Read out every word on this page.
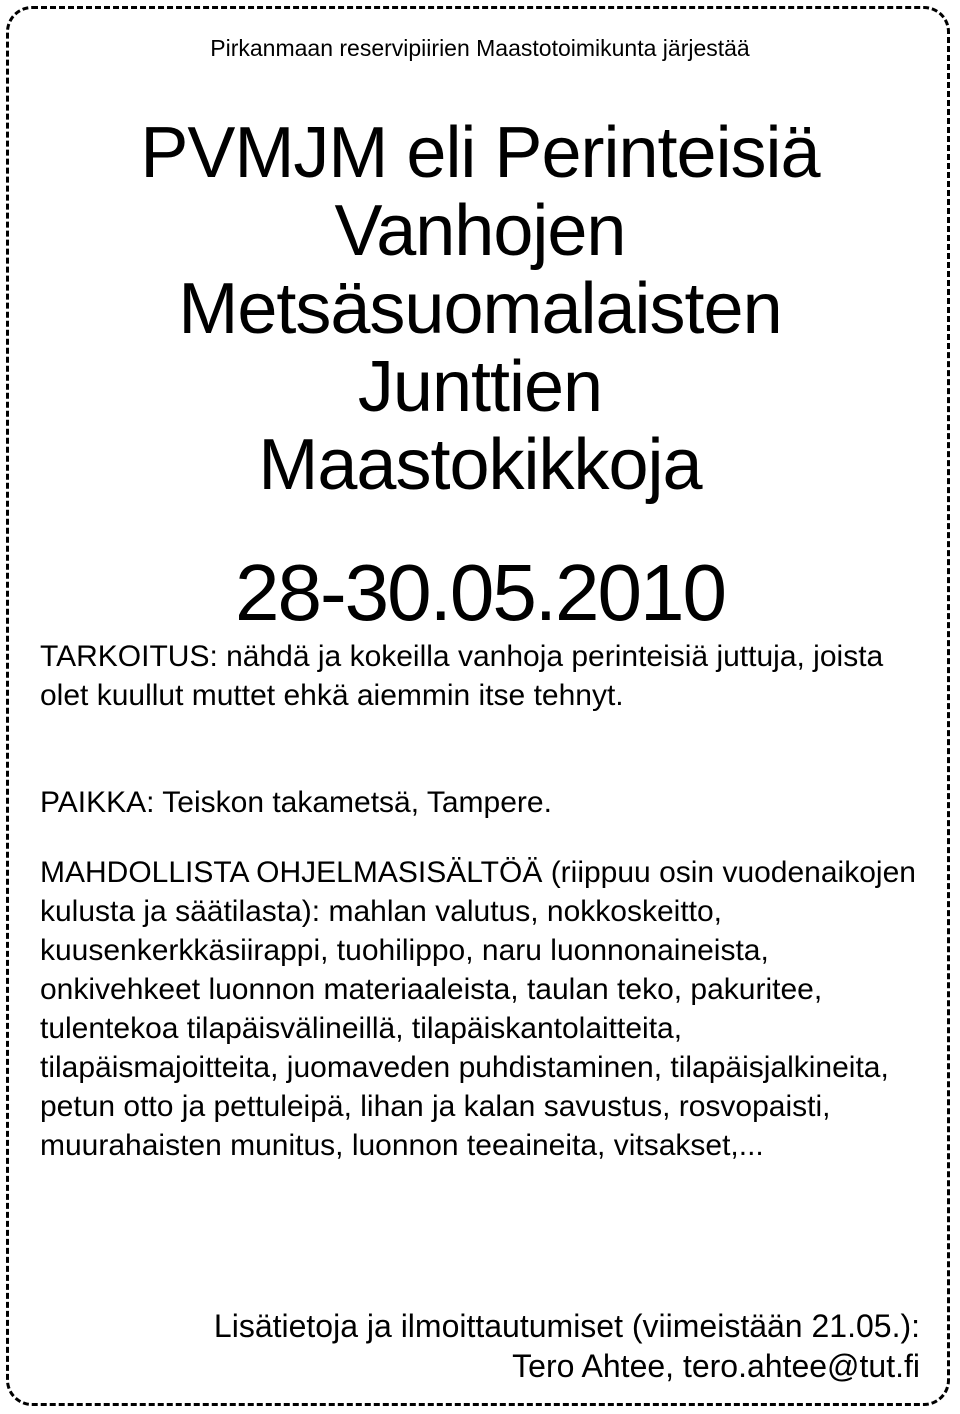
Pirkanmaan reservipiirien Maastotoimikunta järjestää
PVMJM eli Perinteisiä
Vanhojen
Metsäsuomalaisten
Junttien
Maastokikkoja
28-30.05.2010
TARKOITUS: nähdä ja kokeilla vanhoja perinteisiä juttuja, joista olet kuullut muttet ehkä aiemmin itse tehnyt.
PAIKKA: Teiskon takametsä, Tampere.
MAHDOLLISTA OHJELMASISÄLTÖÄ (riippuu osin vuodenaikojen kulusta ja säätilasta): mahlan valutus, nokkoskeitto, kuusenkerkkäsiirappi, tuohilippo, naru luonnonaineista, onkivehkeet luonnon materiaaleista, taulan teko, pakuritee, tulentekoa tilapäisvälineillä, tilapäiskantolaitteita, tilapäismajoitteita, juomaveden puhdistaminen, tilapäisjalkineita, petun otto ja pettuleipä, lihan ja kalan savustus, rosvopaisti, muurahaisten munitus, luonnon teeaineita, vitsakset,...
Lisätietoja ja ilmoittautumiset (viimeistään 21.05.):
Tero Ahtee, tero.ahtee@tut.fi
